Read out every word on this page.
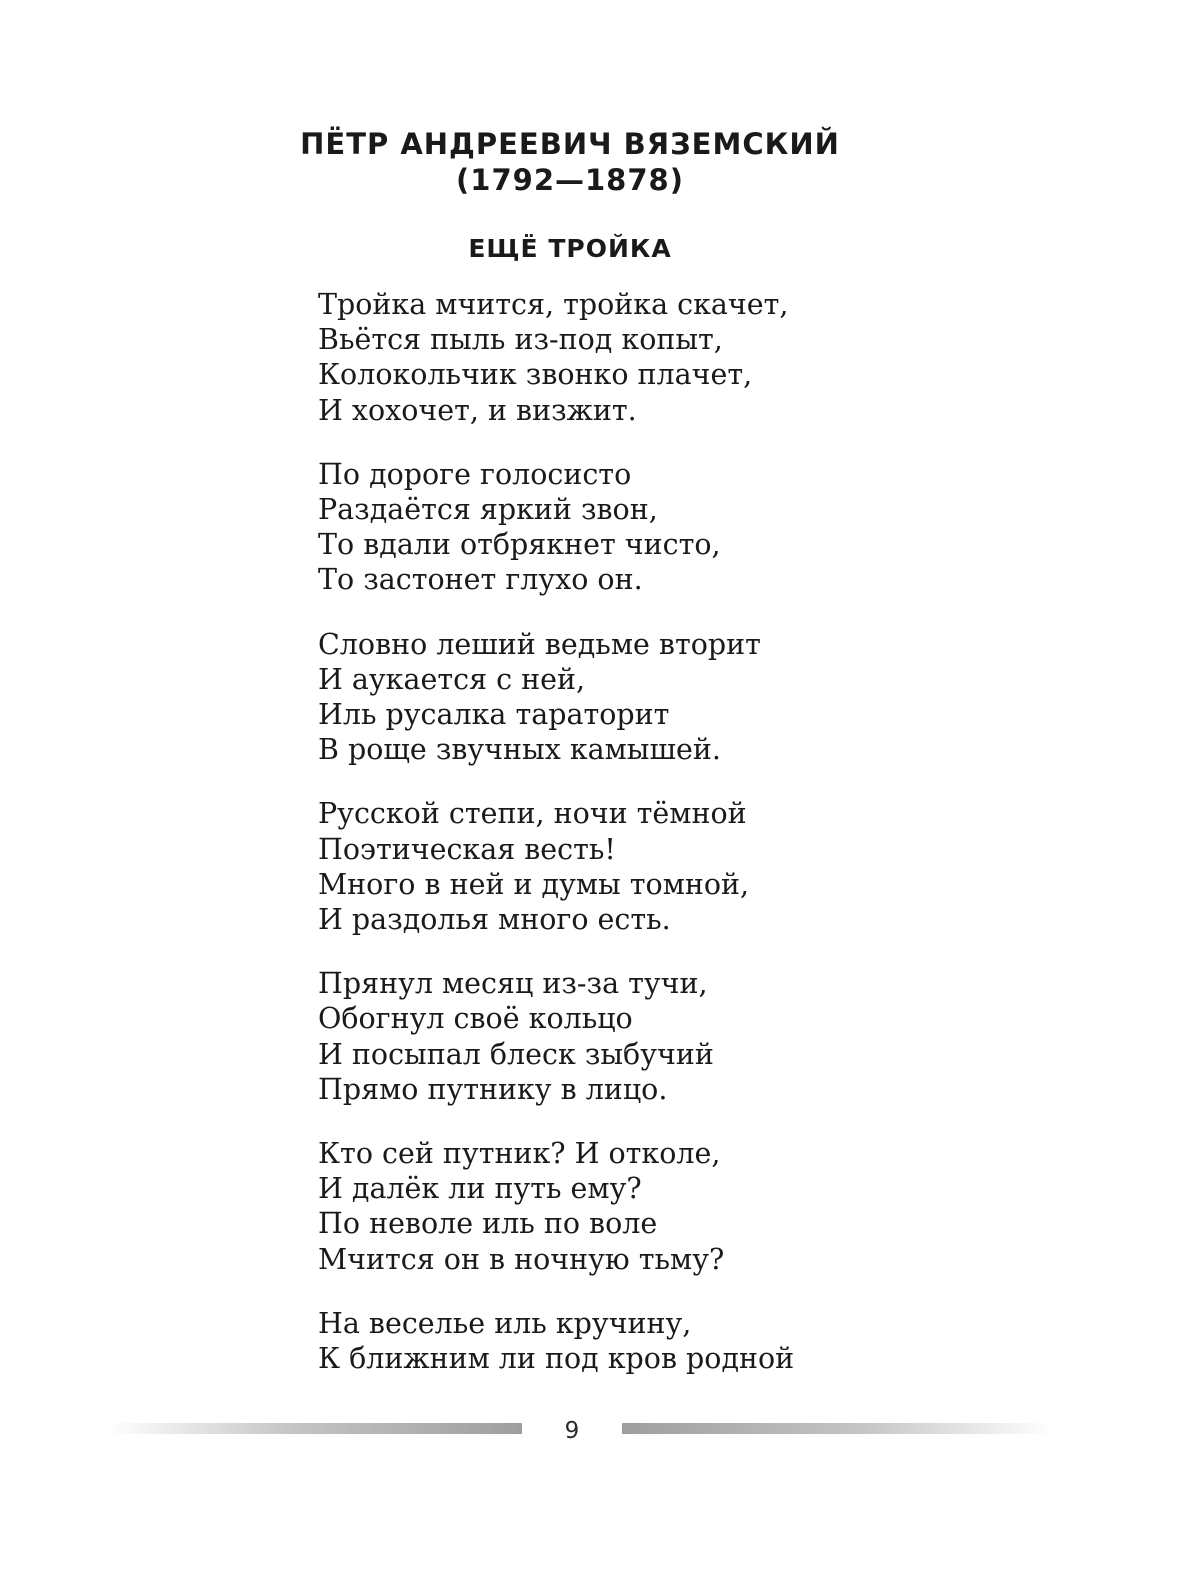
ПЁТР АНДРЕЕВИЧ ВЯЗЕМСКИЙ
(1792—1878)
ЕЩЁ ТРОЙКА
Тройка мчится, тройка скачет,
Вьётся пыль из-под копыт,
Колокольчик звонко плачет,
И хохочет, и визжит.
По дороге голосисто
Раздаётся яркий звон,
То вдали отбрякнет чисто,
То застонет глухо он.
Словно леший ведьме вторит
И аукается с ней,
Иль русалка тараторит
В роще звучных камышей.
Русской степи, ночи тёмной
Поэтическая весть!
Много в ней и думы томной,
И раздолья много есть.
Прянул месяц из-за тучи,
Обогнул своё кольцо
И посыпал блеск зыбучий
Прямо путнику в лицо.
Кто сей путник? И отколе,
И далёк ли путь ему?
По неволе иль по воле
Мчится он в ночную тьму?
На веселье иль кручину,
К ближним ли под кров родной
9
